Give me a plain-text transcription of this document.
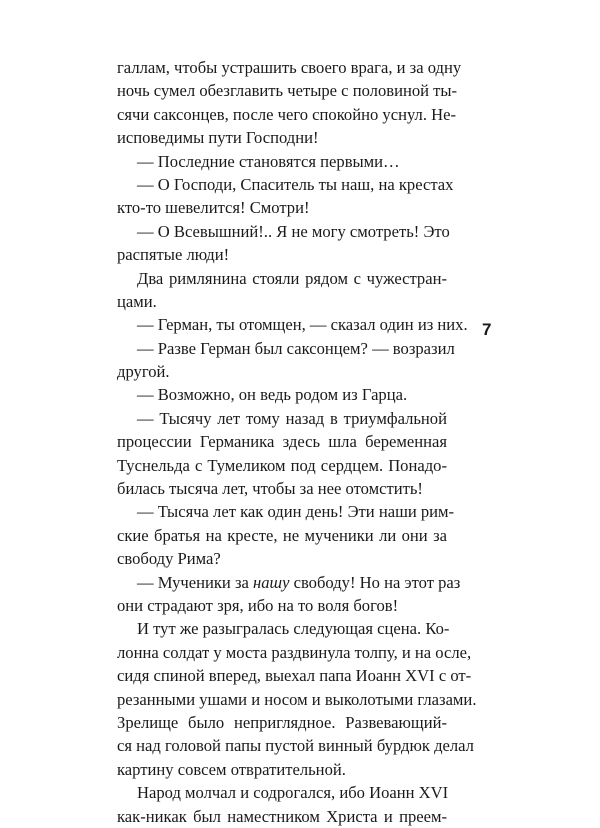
галлам, чтобы устрашить своего врага, и за одну
ночь сумел обезглавить четыре с половиной ты-
сячи саксонцев, после чего спокойно уснул. Не-
исповедимы пути Господни!
— Последние становятся первыми…
— О Господи, Спаситель ты наш, на крестах
кто-то шевелится! Смотри!
— О Всевышний!.. Я не могу смотреть! Это
распятые люди!
Два римлянина стояли рядом с чужестран-
цами.
— Герман, ты отомщен, — сказал один из них.
— Разве Герман был саксонцем? — возразил
другой.
— Возможно, он ведь родом из Гарца.
— Тысячу лет тому назад в триумфальной
процессии Германика здесь шла беременная
Туснельда с Тумеликом под сердцем. Понадо-
билась тысяча лет, чтобы за нее отомстить!
— Тысяча лет как один день! Эти наши рим-
ские братья на кресте, не мученики ли они за
свободу Рима?
— Мученики за нашу свободу! Но на этот раз
они страдают зря, ибо на то воля богов!
И тут же разыгралась следующая сцена. Ко-
лонна солдат у моста раздвинула толпу, и на осле,
сидя спиной вперед, выехал папа Иоанн XVI с от-
резанными ушами и носом и выколотыми глазами.
Зрелище было неприглядное. Развевающий-
ся над головой папы пустой винный бурдюк делал
картину совсем отвратительной.
Народ молчал и содрогался, ибо Иоанн XVI
как-никак был наместником Христа и преем-
7
